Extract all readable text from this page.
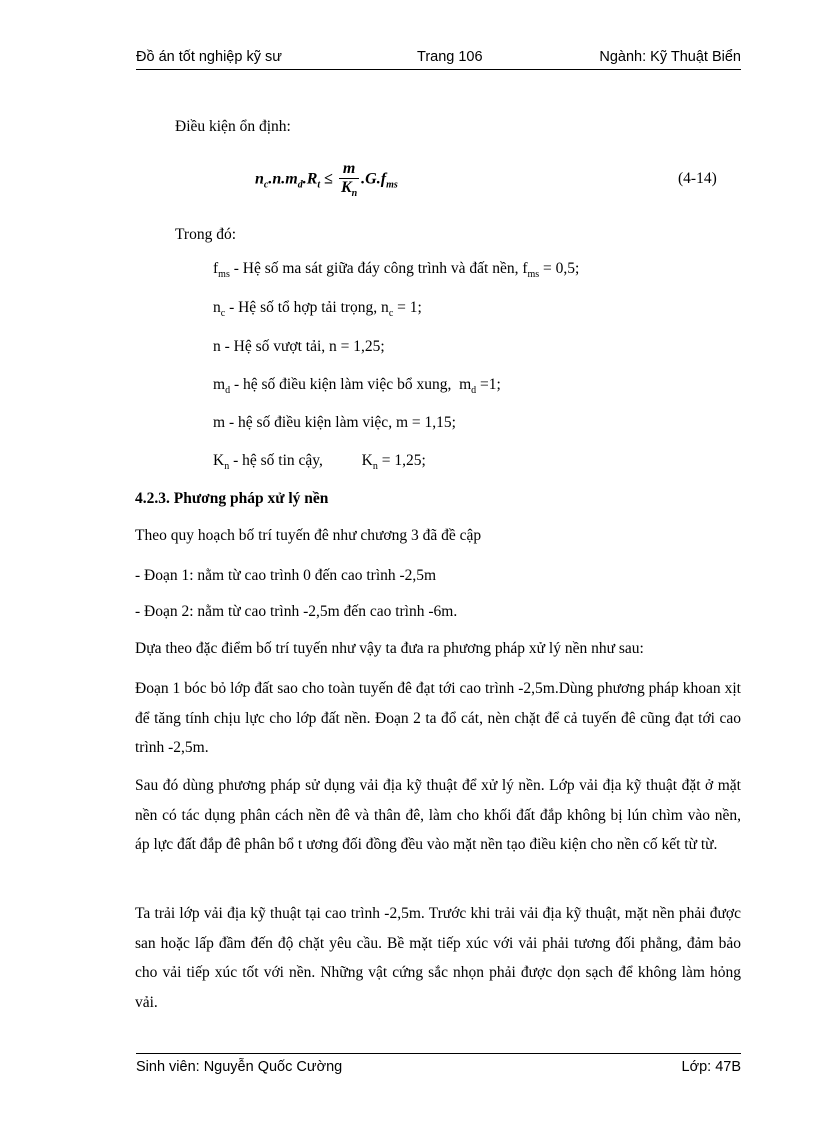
Đồ án tốt nghiệp kỹ sư	Trang 106	Ngành: Kỹ Thuật Biển
Điều kiện ổn định:
$n_c.n.m_d.R_t \le \frac{m}{K_n} .G.f_{ms}$	(4-14)
Trong đó:
$f_{ms}$ - Hệ số ma sát giữa đáy công trình và đất nền, $f_{ms} = 0,5$;
$n_c$ - Hệ số tổ hợp tải trọng, $n_c = 1$;
n - Hệ số vượt tải, n = 1,25;
$m_d$ - hệ số điều kiện làm việc bổ xung,  $m_d =1$;
m - hệ số điều kiện làm việc, m = 1,15;
$K_n$ - hệ số tin cậy,          $K_n = 1,25$;
4.2.3. Phương pháp xử lý nền
Theo quy hoạch bố trí tuyến đê như chương 3 đã đề cập
- Đoạn 1: nằm từ cao trình 0 đến cao trình -2,5m
- Đoạn 2: nằm từ cao trình -2,5m đến cao trình -6m.
Dựa theo đặc điểm bố trí tuyến như vậy ta đưa ra phương pháp xử lý nền như sau:
Đoạn 1 bóc bỏ lớp đất sao cho toàn tuyến đê đạt tới cao trình -2,5m.Dùng phương pháp khoan xịt để tăng tính chịu lực cho lớp đất nền. Đoạn 2 ta đổ cát, nèn chặt để cả tuyến đê cũng đạt tới cao trình -2,5m.
Sau đó dùng phương pháp sử dụng vải địa kỹ thuật để xử lý nền. Lớp vải địa kỹ thuật đặt ở mặt nền có tác dụng phân cách nền đê và thân đê, làm cho khối đất đắp không bị lún chìm vào nền, áp lực đất đắp đê phân bổ t ương đối đồng đều vào mặt nền tạo điều kiện cho nền cố kết từ từ.
Ta trải lớp vải địa kỹ thuật tại cao trình -2,5m. Trước khi trải vải địa kỹ thuật, mặt nền phải được san hoặc lấp đầm đến độ chặt yêu cầu. Bề mặt tiếp xúc với vải phải tương đối phẳng, đảm bảo cho vải tiếp xúc tốt với nền. Những vật cứng sắc nhọn phải được dọn sạch để không làm hỏng vải.
Sinh viên: Nguyễn Quốc Cường	Lớp: 47B
